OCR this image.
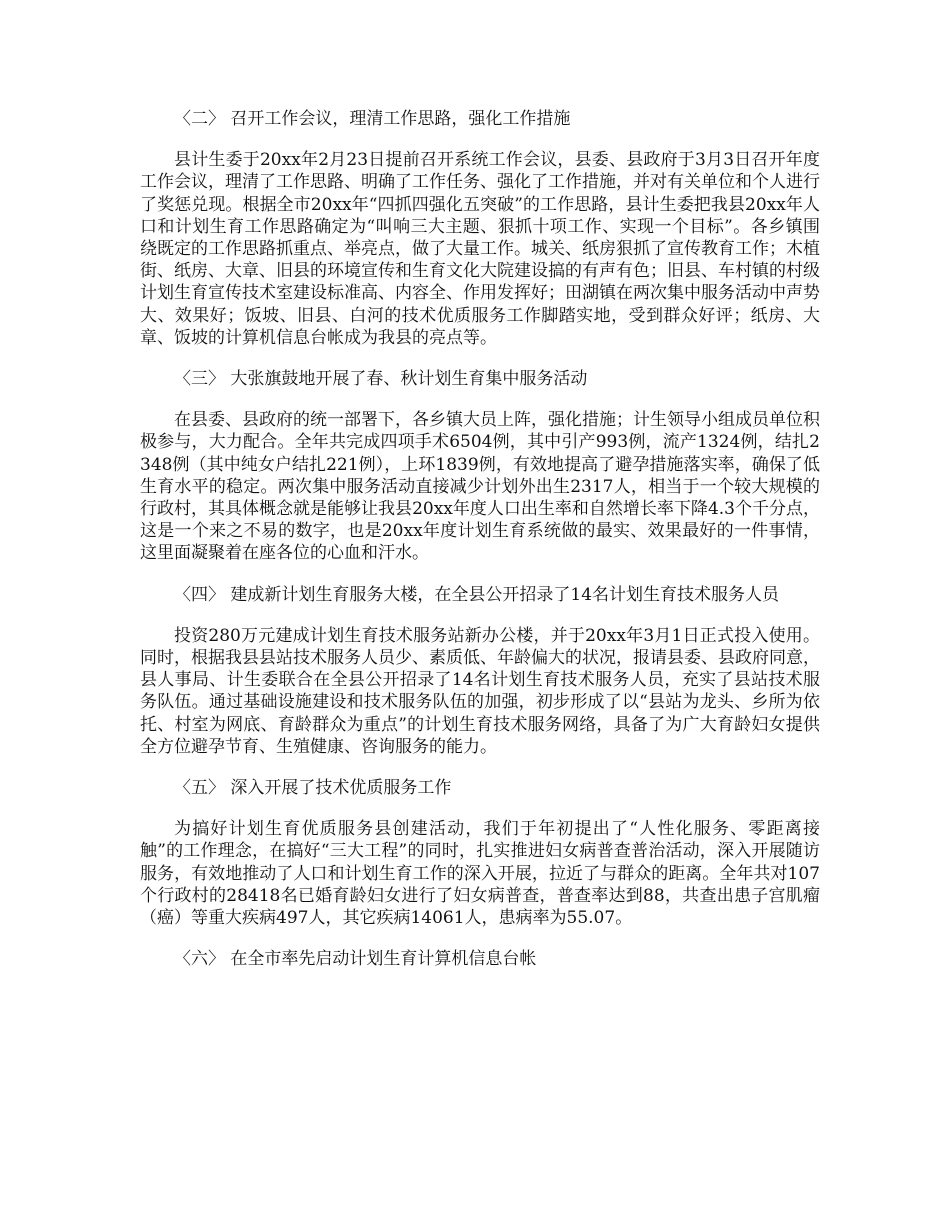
〈二〉 召开工作会议，理清工作思路，强化工作措施

县计生委于20xx年2月23日提前召开系统工作会议，县委、县政府于3月3日召开年度工作会议，理清了工作思路、明确了工作任务、强化了工作措施，并对有关单位和个人进行了奖惩兑现。根据全市20xx年“四抓四强化五突破”的工作思路，县计生委把我县20xx年人口和计划生育工作思路确定为“叫响三大主题、狠抓十项工作、实现一个目标”。各乡镇围绕既定的工作思路抓重点、举亮点，做了大量工作。城关、纸房狠抓了宣传教育工作；木植街、纸房、大章、旧县的环境宣传和生育文化大院建设搞的有声有色；旧县、车村镇的村级计划生育宣传技术室建设标准高、内容全、作用发挥好；田湖镇在两次集中服务活动中声势大、效果好；饭坡、旧县、白河的技术优质服务工作脚踏实地，受到群众好评；纸房、大章、饭坡的计算机信息台帐成为我县的亮点等。

〈三〉 大张旗鼓地开展了春、秋计划生育集中服务活动

在县委、县政府的统一部署下，各乡镇大员上阵，强化措施；计生领导小组成员单位积极参与，大力配合。全年共完成四项手术6504例，其中引产993例，流产1324例，结扎2348例（其中纯女户结扎221例），上环1839例，有效地提高了避孕措施落实率，确保了低生育水平的稳定。两次集中服务活动直接减少计划外出生2317人，相当于一个较大规模的行政村，其具体概念就是能够让我县20xx年度人口出生率和自然增长率下降4.3个千分点，这是一个来之不易的数字，也是20xx年度计划生育系统做的最实、效果最好的一件事情，这里面凝聚着在座各位的心血和汗水。

〈四〉 建成新计划生育服务大楼，在全县公开招录了14名计划生育技术服务人员

投资280万元建成计划生育技术服务站新办公楼，并于20xx年3月1日正式投入使用。同时，根据我县县站技术服务人员少、素质低、年龄偏大的状况，报请县委、县政府同意，县人事局、计生委联合在全县公开招录了14名计划生育技术服务人员，充实了县站技术服务队伍。通过基础设施建设和技术服务队伍的加强，初步形成了以“县站为龙头、乡所为依托、村室为网底、育龄群众为重点”的计划生育技术服务网络，具备了为广大育龄妇女提供全方位避孕节育、生殖健康、咨询服务的能力。

〈五〉 深入开展了技术优质服务工作

为搞好计划生育优质服务县创建活动，我们于年初提出了“人性化服务、零距离接触”的工作理念，在搞好“三大工程”的同时，扎实推进妇女病普查普治活动，深入开展随访服务，有效地推动了人口和计划生育工作的深入开展，拉近了与群众的距离。全年共对107个行政村的28418名已婚育龄妇女进行了妇女病普查，普查率达到88，共查出患子宫肌瘤（癌）等重大疾病497人，其它疾病14061人，患病率为55.07。

〈六〉 在全市率先启动计划生育计算机信息台帐
